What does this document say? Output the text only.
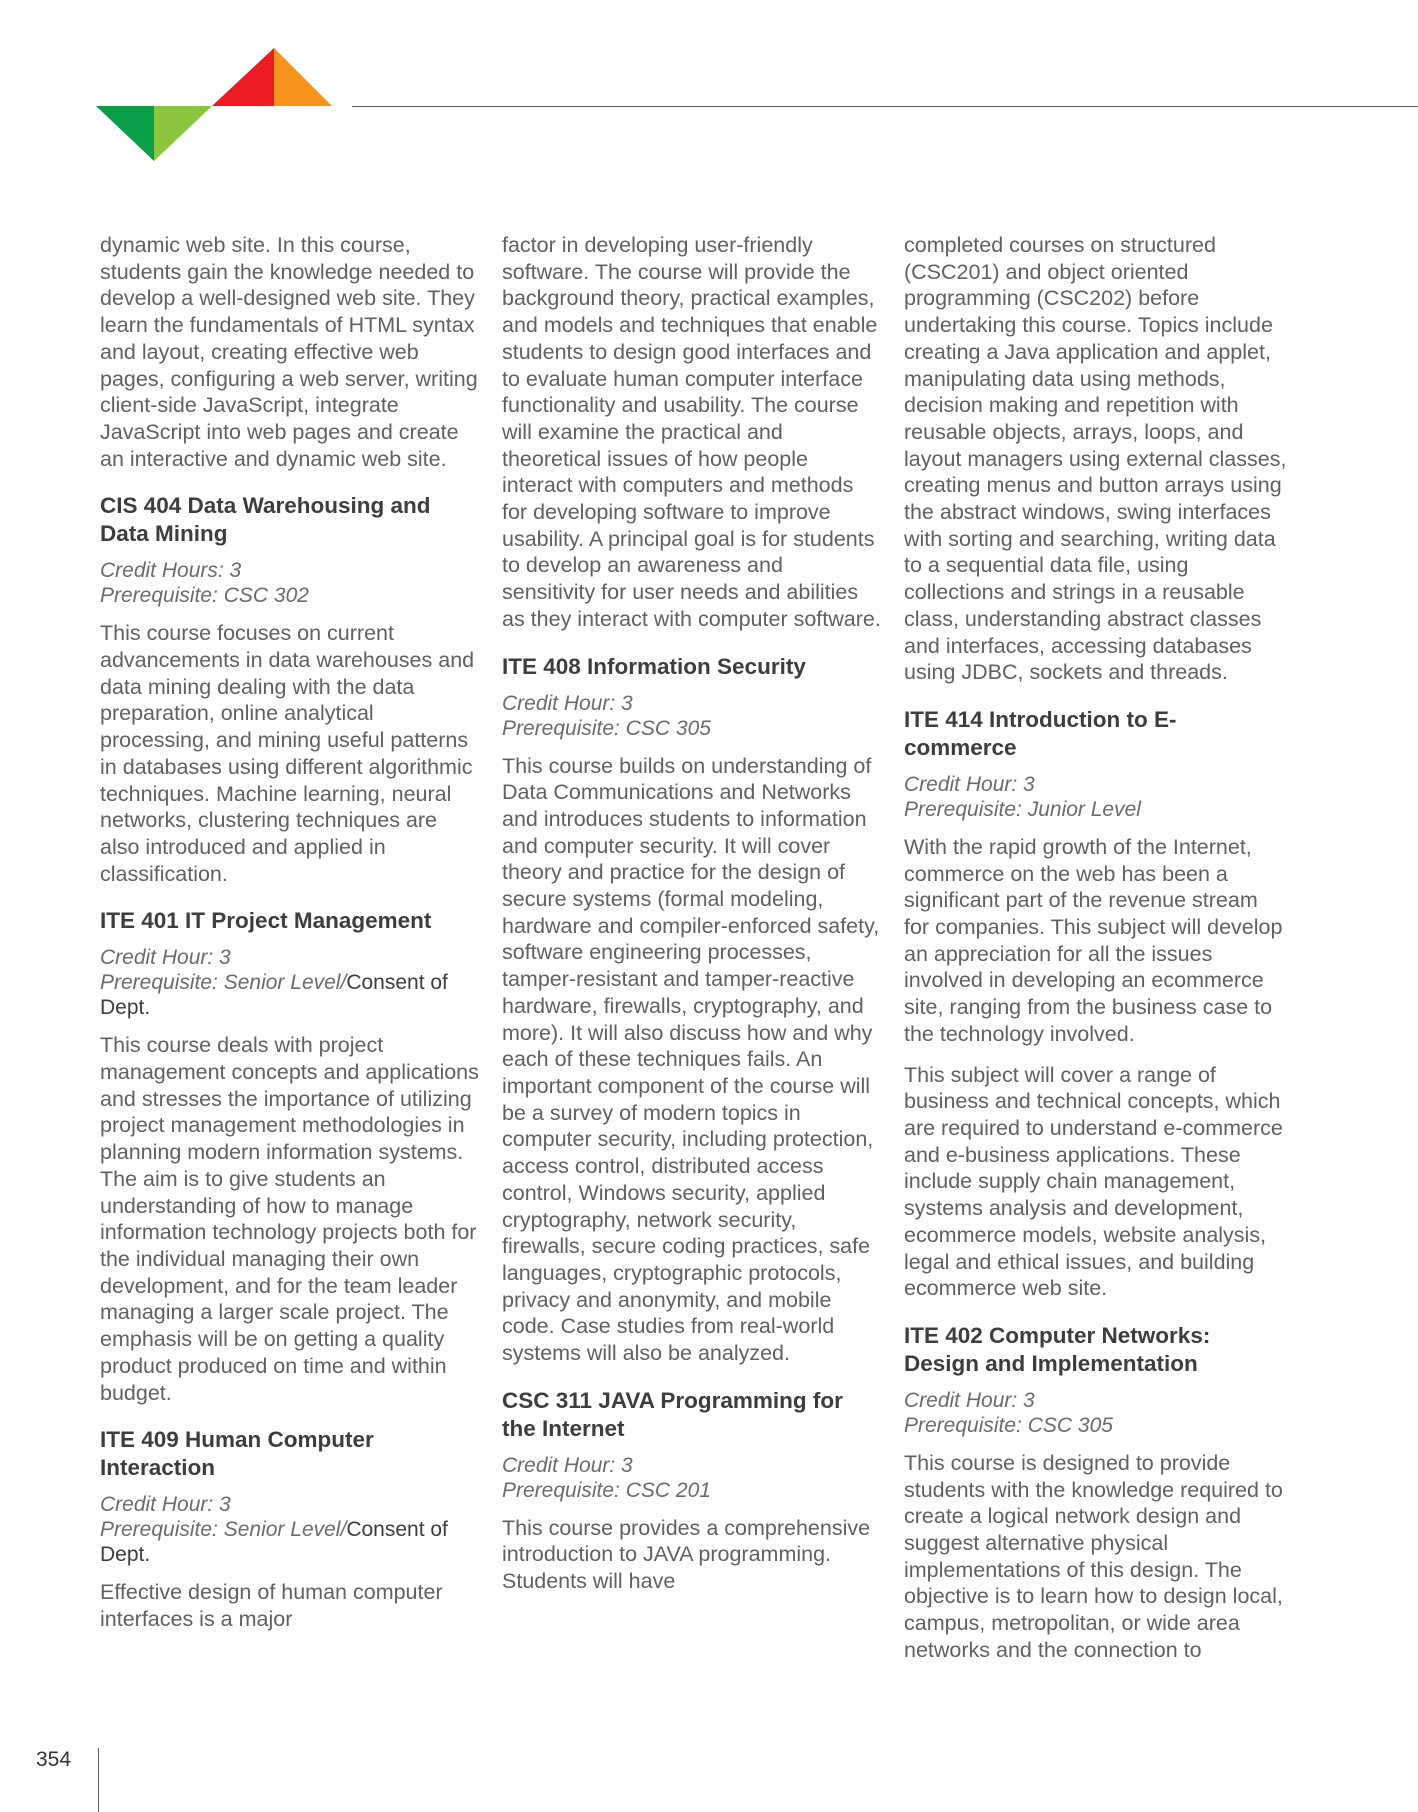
dynamic web site. In this course, students gain the knowledge needed to develop a well-designed web site. They learn the fundamentals of HTML syntax and layout, creating effective web pages, configuring a web server, writing client-side JavaScript, integrate JavaScript into web pages and create an interactive and dynamic web site.

CIS 404 Data Warehousing and Data Mining
Credit Hours: 3
Prerequisite: CSC 302

This course focuses on current advancements in data warehouses and data mining dealing with the data preparation, online analytical processing, and mining useful patterns in databases using different algorithmic techniques. Machine learning, neural networks, clustering techniques are also introduced and applied in classification.

ITE 401 IT Project Management
Credit Hour: 3
Prerequisite: Senior Level/Consent of Dept.

This course deals with project management concepts and applications and stresses the importance of utilizing project management methodologies in planning modern information systems. The aim is to give students an understanding of how to manage information technology projects both for the individual managing their own development, and for the team leader managing a larger scale project. The emphasis will be on getting a quality product produced on time and within budget.

ITE 409 Human Computer Interaction
Credit Hour: 3
Prerequisite: Senior Level/Consent of Dept.

Effective design of human computer interfaces is a major

factor in developing user-friendly software. The course will provide the background theory, practical examples, and models and techniques that enable students to design good interfaces and to evaluate human computer interface functionality and usability. The course will examine the practical and theoretical issues of how people interact with computers and methods for developing software to improve usability. A principal goal is for students to develop an awareness and sensitivity for user needs and abilities as they interact with computer software.

ITE 408 Information Security
Credit Hour: 3
Prerequisite: CSC 305

This course builds on understanding of Data Communications and Networks and introduces students to information and computer security. It will cover theory and practice for the design of secure systems (formal modeling, hardware and compiler-enforced safety, software engineering processes, tamper-resistant and tamper-reactive hardware, firewalls, cryptography, and more). It will also discuss how and why each of these techniques fails. An important component of the course will be a survey of modern topics in computer security, including protection, access control, distributed access control, Windows security, applied cryptography, network security, firewalls, secure coding practices, safe languages, cryptographic protocols, privacy and anonymity, and mobile code. Case studies from real-world systems will also be analyzed.

CSC 311 JAVA Programming for the Internet
Credit Hour: 3
Prerequisite: CSC 201

This course provides a comprehensive introduction to JAVA programming. Students will have

completed courses on structured (CSC201) and object oriented programming (CSC202) before undertaking this course. Topics include creating a Java application and applet, manipulating data using methods, decision making and repetition with reusable objects, arrays, loops, and layout managers using external classes, creating menus and button arrays using the abstract windows, swing interfaces with sorting and searching, writing data to a sequential data file, using collections and strings in a reusable class, understanding abstract classes and interfaces, accessing databases using JDBC, sockets and threads.

ITE 414 Introduction to E-commerce
Credit Hour: 3
Prerequisite: Junior Level

With the rapid growth of the Internet, commerce on the web has been a significant part of the revenue stream for companies. This subject will develop an appreciation for all the issues involved in developing an ecommerce site, ranging from the business case to the technology involved.

This subject will cover a range of business and technical concepts, which are required to understand e-commerce and e-business applications. These include supply chain management, systems analysis and development, ecommerce models, website analysis, legal and ethical issues, and building ecommerce web site.

ITE 402 Computer Networks: Design and Implementation
Credit Hour: 3
Prerequisite: CSC 305

This course is designed to provide students with the knowledge required to create a logical network design and suggest alternative physical implementations of this design. The objective is to learn how to design local, campus, metropolitan, or wide area networks and the connection to

354
